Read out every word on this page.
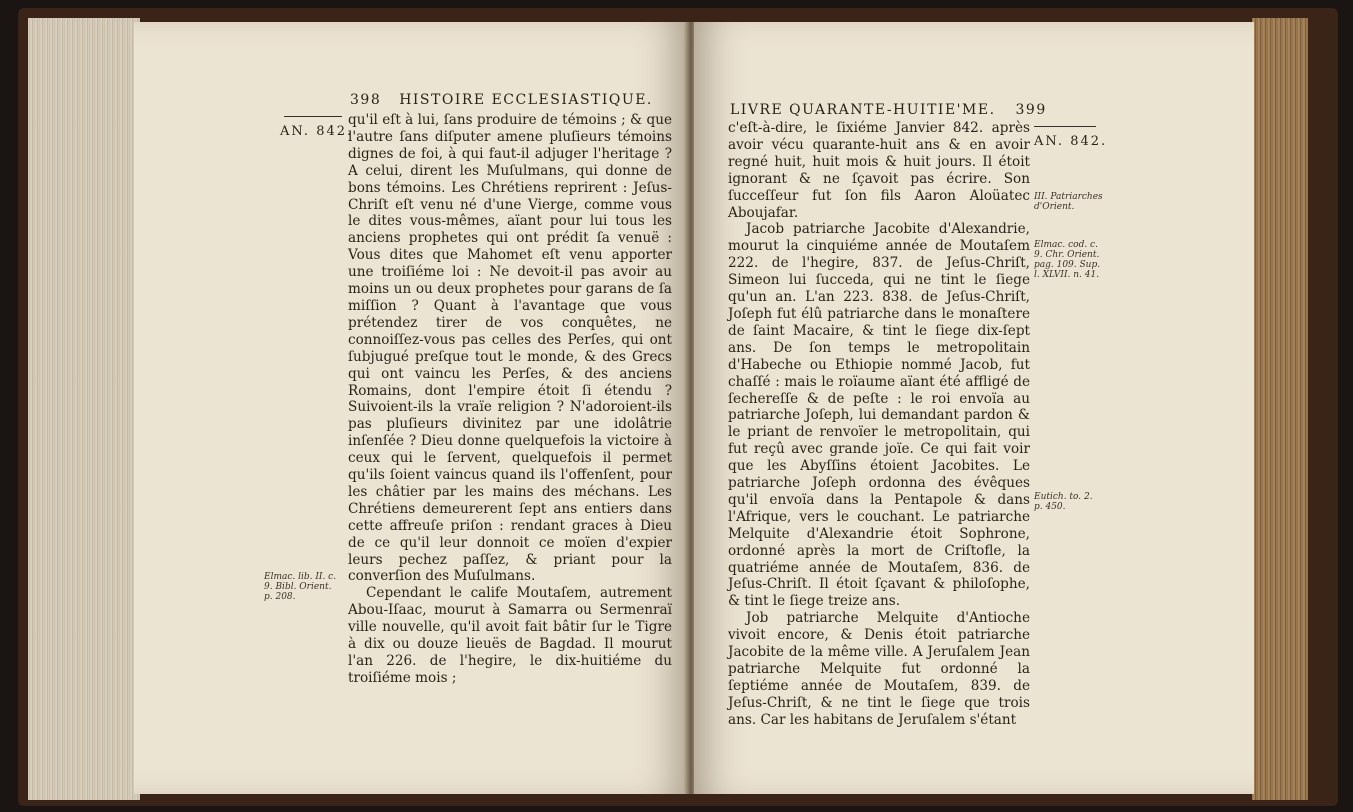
398 HISTOIRE ECCLESIASTIQUE.
AN. 842.
Elmac. lib. II. c. 9. Bibl. Orient. p. 208.

qu'il eſt à lui, ſans produire de témoins ; & que l'autre ſans diſputer amene pluſieurs témoins dignes de foi, à qui faut-il adjuger l'heritage ? A celui, dirent les Muſulmans, qui donne de bons témoins. Les Chrétiens reprirent : Jeſus-Chriſt eſt venu né d'une Vierge, comme vous le dites vous-mêmes, aïant pour lui tous les anciens prophetes qui ont prédit ſa venuë : Vous dites que Mahomet eſt venu apporter une troiſiéme loi : Ne devoit-il pas avoir au moins un ou deux prophetes pour garans de ſa miſſion ? Quant à l'avantage que vous prétendez tirer de vos conquêtes, ne connoiſſez-vous pas celles des Perſes, qui ont ſubjugué preſque tout le monde, & des Grecs qui ont vaincu les Perſes, & des anciens Romains, dont l'empire étoit ſi étendu ? Suivoient-ils la vraïe religion ? N'adoroient-ils pas pluſieurs divinitez par une idolâtrie inſenſée ? Dieu donne quelquefois la victoire à ceux qui le ſervent, quelquefois il permet qu'ils ſoient vaincus quand ils l'offenſent, pour les châtier par les mains des méchans. Les Chrétiens demeurerent ſept ans entiers dans cette affreuſe priſon : rendant graces à Dieu de ce qu'il leur donnoit ce moïen d'expier leurs pechez paſſez, & priant pour la converſion des Muſulmans.

Cependant le calife Moutaſem, autrement Abou-Iſaac, mourut à Samarra ou Sermenraï ville nouvelle, qu'il avoit fait bâtir ſur le Tigre à dix ou douze lieuës de Bagdad. Il mourut l'an 226. de l'hegire, le dix-huitiéme du troiſiéme mois ;

LIVRE QUARANTE-HUITIE'ME. 399
AN. 842.
III. Patriarches d'Orient.
Elmac. cod. c. 9. Chr. Orient. pag. 109. Sup. l. XLVII. n. 41.
Eutich. to. 2. p. 450.

c'eſt-à-dire, le ſixiéme Janvier 842. après avoir vécu quarante-huit ans & en avoir regné huit, huit mois & huit jours. Il étoit ignorant & ne ſçavoit pas écrire. Son ſucceſſeur fut ſon fils Aaron Aloüatec Aboujafar.

Jacob patriarche Jacobite d'Alexandrie, mourut la cinquiéme année de Moutaſem 222. de l'hegire, 837. de Jeſus-Chriſt, Simeon lui ſucceda, qui ne tint le ſiege qu'un an. L'an 223. 838. de Jeſus-Chriſt, Joſeph fut élû patriarche dans le monaſtere de ſaint Macaire, & tint le ſiege dix-ſept ans. De ſon temps le metropolitain d'Habeche ou Ethiopie nommé Jacob, fut chaſſé : mais le roïaume aïant été affligé de ſechereſſe & de peſte : le roi envoïa au patriarche Joſeph, lui demandant pardon & le priant de renvoïer le metropolitain, qui fut reçû avec grande joïe. Ce qui fait voir que les Abyſſins étoient Jacobites. Le patriarche Joſeph ordonna des évêques qu'il envoïa dans la Pentapole & dans l'Afrique, vers le couchant. Le patriarche Melquite d'Alexandrie étoit Sophrone, ordonné après la mort de Criſtofle, la quatriéme année de Moutaſem, 836. de Jeſus-Chriſt. Il étoit ſçavant & philoſophe, & tint le ſiege treize ans.

Job patriarche Melquite d'Antioche vivoit encore, & Denis étoit patriarche Jacobite de la même ville. A Jeruſalem Jean patriarche Melquite fut ordonné la ſeptiéme année de Moutaſem, 839. de Jeſus-Chriſt, & ne tint le ſiege que trois ans. Car les habitans de Jeruſalem s'étant
